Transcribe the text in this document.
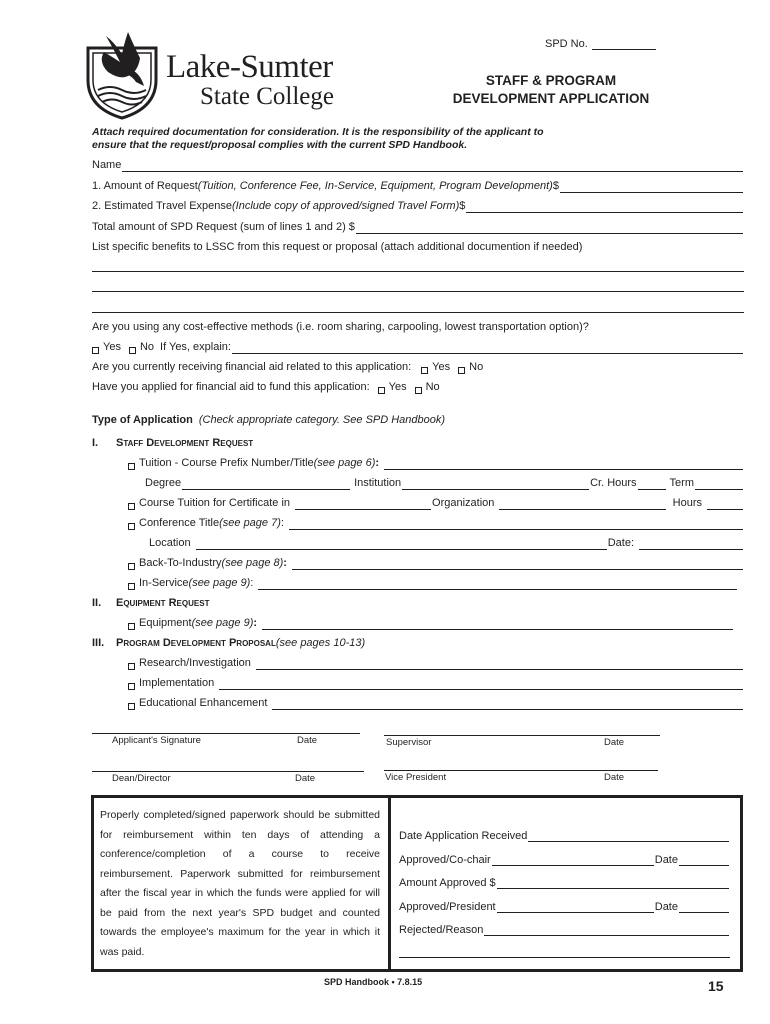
Lake-Sumter
State College
SPD No.
STAFF & PROGRAM
DEVELOPMENT APPLICATION
Attach required documentation for consideration. It is the responsibility of the applicant to
ensure that the request/proposal complies with the current SPD Handbook.
Name
1. Amount of Request (Tuition, Conference Fee, In-Service, Equipment, Program Development) $
2. Estimated Travel Expense (Include copy of approved/signed Travel Form) $
Total amount of SPD Request (sum of lines 1 and 2) $
List specific benefits to LSSC from this request or proposal (attach additional documention if needed)
Are you using any cost-effective methods (i.e. room sharing, carpooling, lowest transportation option)?
Yes No If Yes, explain:
Are you currently receiving financial aid related to this application: Yes No
Have you applied for financial aid to fund this application: Yes No
Type of Application (Check appropriate category. See SPD Handbook)
I.	Staff Development Request
Tuition - Course Prefix Number/Title (see page 6) :
Degree	Institution	Cr. Hours	Term
Course Tuition for Certificate in	Organization	Hours
Conference Title (see page 7) :
Location	Date:
Back-To-Industry (see page 8) :
In-Service (see page 9) :
II.	Equipment Request
Equipment (see page 9) :
III.	Program Development Proposal (see pages 10-13)
Research/Investigation
Implementation
Educational Enhancement
Applicant's Signature	Date	Supervisor	Date
Dean/Director	Date	Vice President	Date
Properly completed/signed paperwork should be submitted for reimbursement within ten days of attending a conference/completion of a course to receive reimbursement. Paperwork submitted for reimbursement after the fiscal year in which the funds were applied for will be paid from the next year's SPD budget and counted towards the employee's maximum for the year in which it was paid.
Date Application Received
Approved/Co-chair	Date
Amount Approved $
Approved/President	Date
Rejected/Reason
SPD Handbook • 7.8.15	15
